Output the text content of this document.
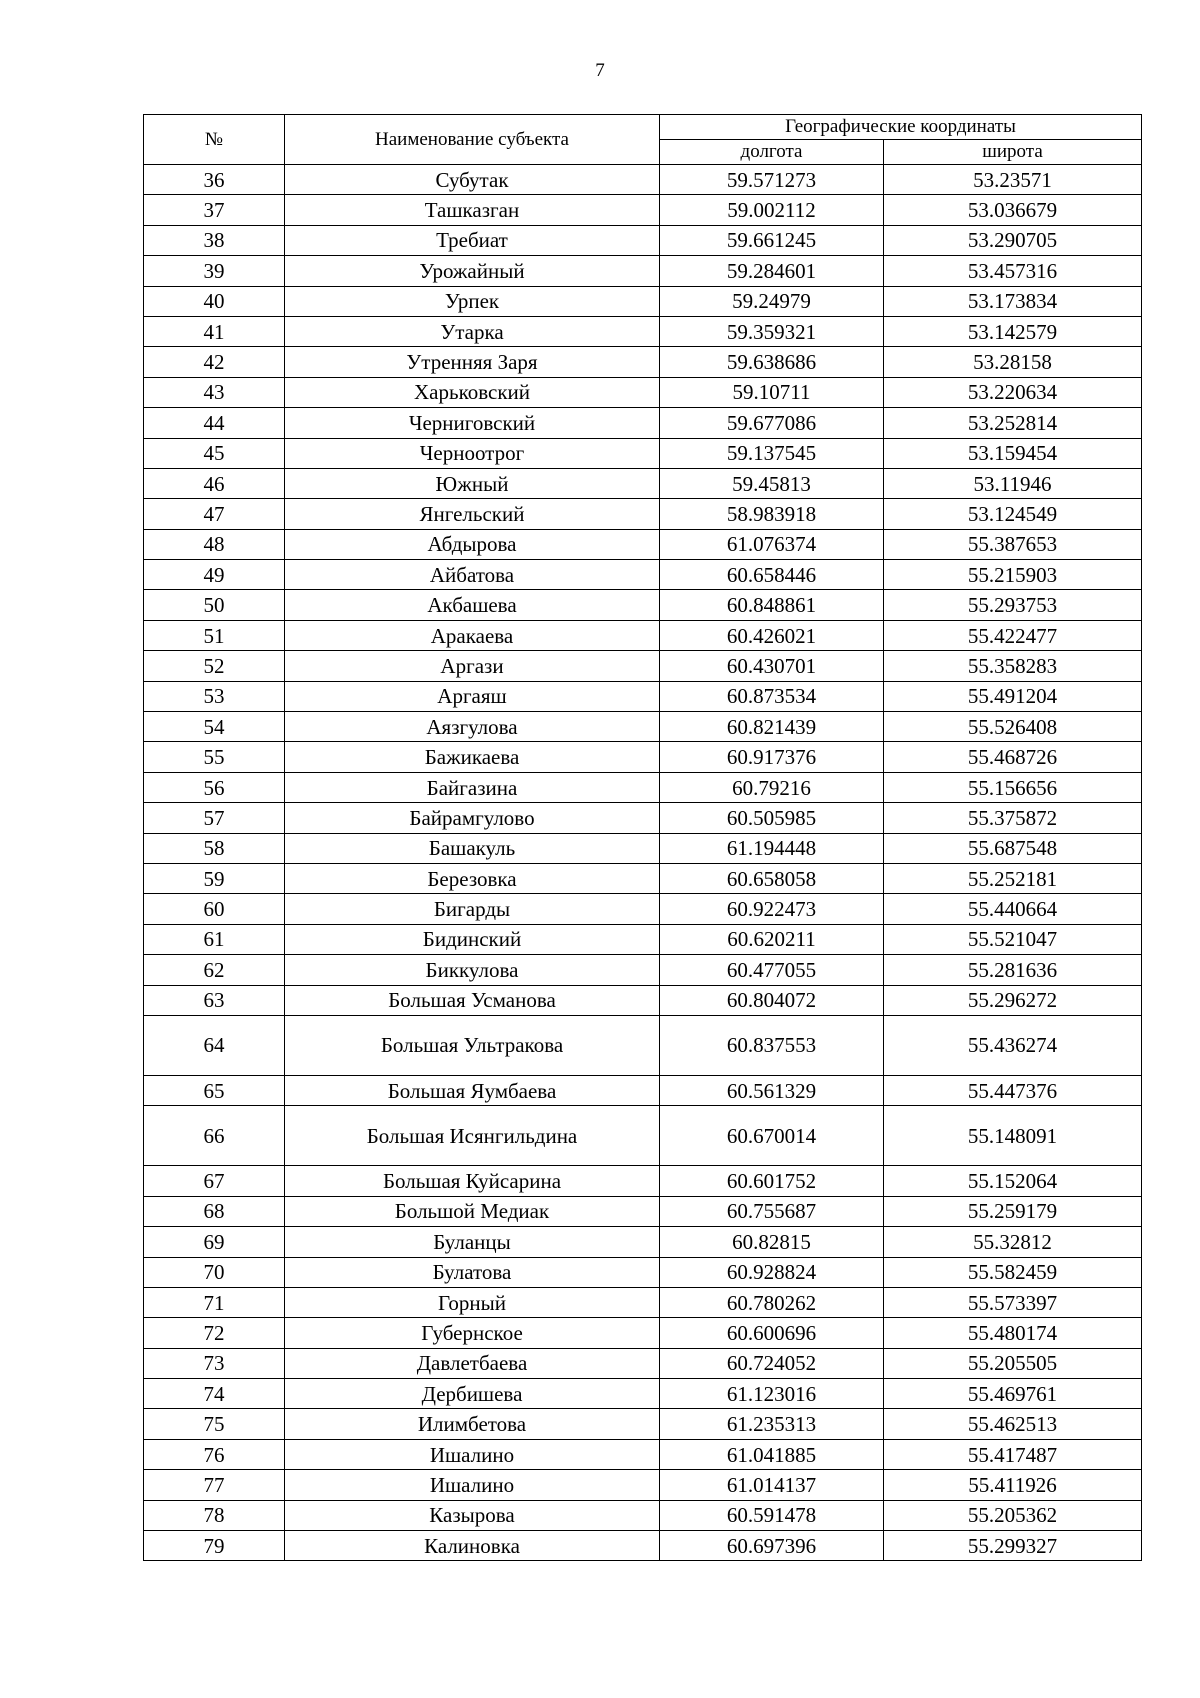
7
№	Наименование субъекта	Географические координаты	
		долгота	широта
36	Субутак	59.571273	53.23571
37	Ташказган	59.002112	53.036679
38	Требиат	59.661245	53.290705
39	Урожайный	59.284601	53.457316
40	Урпек	59.24979	53.173834
41	Утарка	59.359321	53.142579
42	Утренняя Заря	59.638686	53.28158
43	Харьковский	59.10711	53.220634
44	Черниговский	59.677086	53.252814
45	Черноотрог	59.137545	53.159454
46	Южный	59.45813	53.11946
47	Янгельский	58.983918	53.124549
48	Абдырова	61.076374	55.387653
49	Айбатова	60.658446	55.215903
50	Акбашева	60.848861	55.293753
51	Аракаева	60.426021	55.422477
52	Аргази	60.430701	55.358283
53	Аргаяш	60.873534	55.491204
54	Аязгулова	60.821439	55.526408
55	Бажикаева	60.917376	55.468726
56	Байгазина	60.79216	55.156656
57	Байрамгулово	60.505985	55.375872
58	Башакуль	61.194448	55.687548
59	Березовка	60.658058	55.252181
60	Бигарды	60.922473	55.440664
61	Бидинский	60.620211	55.521047
62	Биккулова	60.477055	55.281636
63	Большая Усманова	60.804072	55.296272
64	Большая Ультракова	60.837553	55.436274
65	Большая Яумбаева	60.561329	55.447376
66	Большая Исянгильдина	60.670014	55.148091
67	Большая Куйсарина	60.601752	55.152064
68	Большой Медиак	60.755687	55.259179
69	Буланцы	60.82815	55.32812
70	Булатова	60.928824	55.582459
71	Горный	60.780262	55.573397
72	Губернское	60.600696	55.480174
73	Давлетбаева	60.724052	55.205505
74	Дербишева	61.123016	55.469761
75	Илимбетова	61.235313	55.462513
76	Ишалино	61.041885	55.417487
77	Ишалино	61.014137	55.411926
78	Казырова	60.591478	55.205362
79	Калиновка	60.697396	55.299327
